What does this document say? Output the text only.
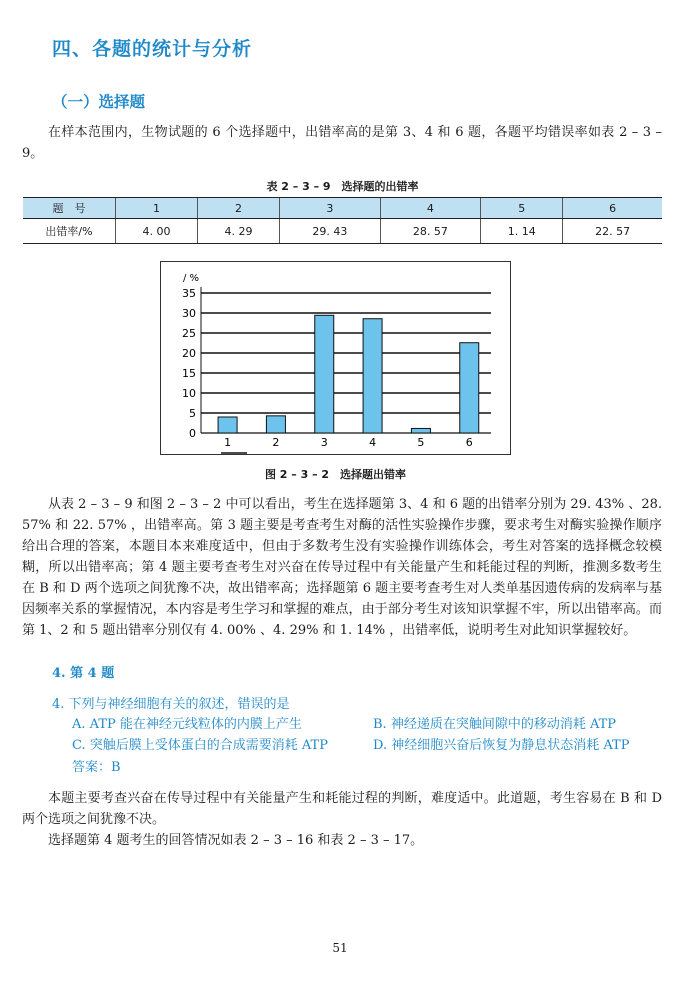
四、各题的统计与分析
（一）选择题
在样本范围内，生物试题的 6 个选择题中，出错率高的是第 3、4 和 6 题，各题平均错误率如表 2 – 3 – 9。
表 2 – 3 – 9　选择题的出错率
题　号	1	2	3	4	5	6
出错率/%	4. 00	4. 29	29. 43	28. 57	1. 14	22. 57
/ %
0
5
10
15
20
25
30
35
1	2	3	4	5	6
图 2 – 3 – 2　选择题出错率
从表 2 – 3 – 9 和图 2 – 3 – 2 中可以看出，考生在选择题第 3、4 和 6 题的出错率分别为 29. 43% 、28. 57% 和 22. 57% ，出错率高。第 3 题主要是考查考生对酶的活性实验操作步骤，要求考生对酶实验操作顺序给出合理的答案，本题目本来难度适中，但由于多数考生没有实验操作训练体会，考生对答案的选择概念较模糊，所以出错率高；第 4 题主要考查考生对兴奋在传导过程中有关能量产生和耗能过程的判断，推测多数考生在 B 和 D 两个选项之间犹豫不决，故出错率高；选择题第 6 题主要考查考生对人类单基因遗传病的发病率与基因频率关系的掌握情况，本内容是考生学习和掌握的难点，由于部分考生对该知识掌握不牢，所以出错率高。而第 1、2 和 5 题出错率分别仅有 4. 00% 、4. 29% 和 1. 14% ，出错率低，说明考生对此知识掌握较好。
4. 第 4 题
4. 下列与神经细胞有关的叙述，错误的是
A. ATP 能在神经元线粒体的内膜上产生	B. 神经递质在突触间隙中的移动消耗 ATP
C. 突触后膜上受体蛋白的合成需要消耗 ATP	D. 神经细胞兴奋后恢复为静息状态消耗 ATP
答案：B
本题主要考查兴奋在传导过程中有关能量产生和耗能过程的判断，难度适中。此道题，考生容易在 B 和 D 两个选项之间犹豫不决。
选择题第 4 题考生的回答情况如表 2 – 3 – 16 和表 2 – 3 – 17。
51
